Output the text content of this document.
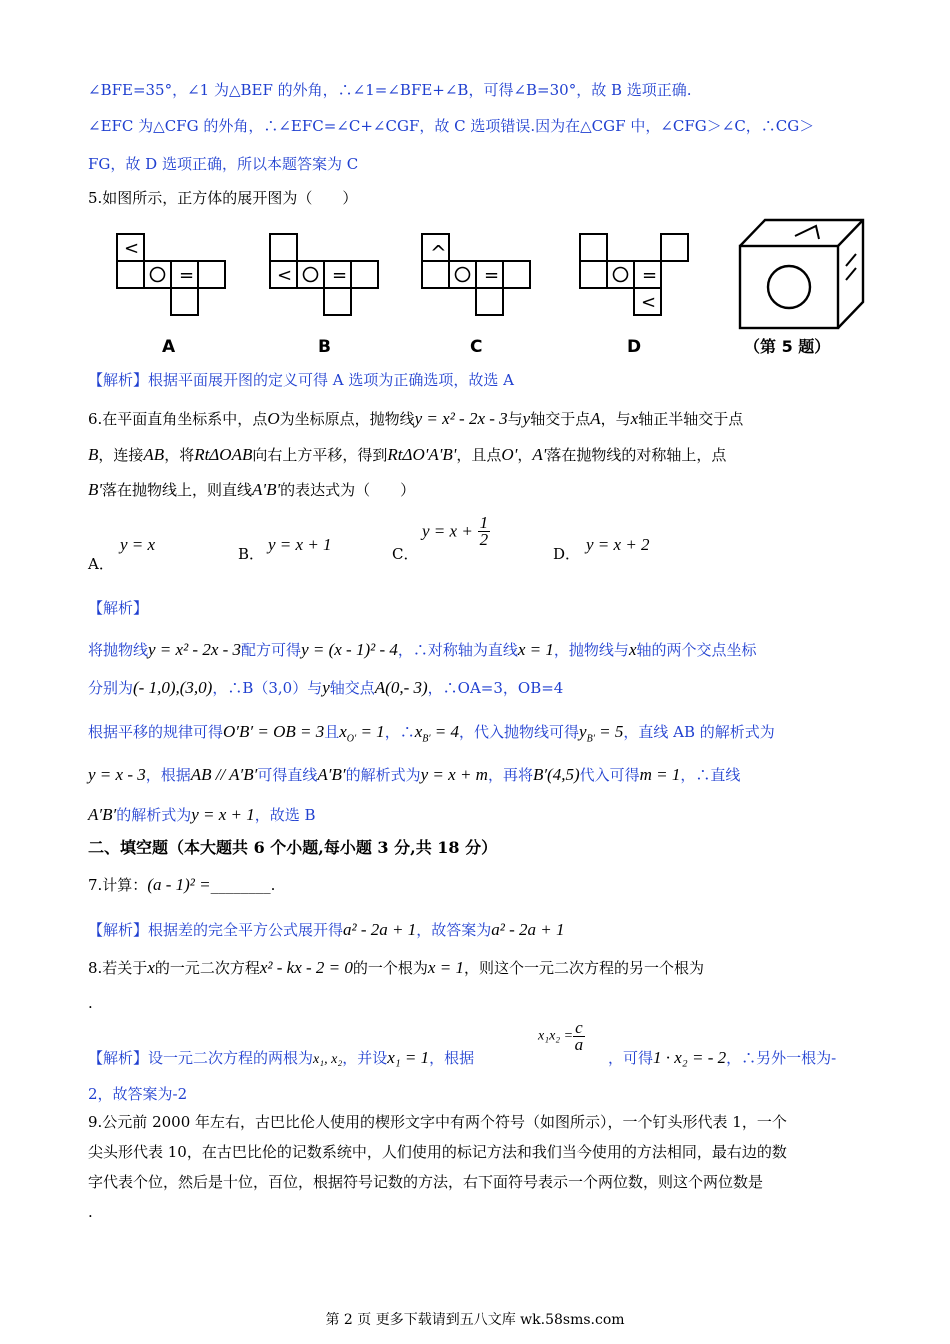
∠BFE=35°，∠1 为△BEF 的外角，∴∠1=∠BFE+∠B，可得∠B=30°，故 B 选项正确.
∠EFC 为△CFG 的外角，∴∠EFC=∠C+∠CGF，故 C 选项错误.因为在△CGF 中，∠CFG＞∠C，∴CG＞
FG，故 D 选项正确，所以本题答案为 C
5.如图所示，正方体的展开图为（　　）
<
=	< =
^
=	=
<
A	B	C	D	（第 5 题）
【解析】根据平面展开图的定义可得 A 选项为正确选项，故选 A
6.在平面直角坐标系中，点O为坐标原点，抛物线y = x² - 2x - 3与y轴交于点A，与x轴正半轴交于点
B，连接AB，将RtΔOAB向右上方平移，得到RtΔO'A'B'，且点O'，A'落在抛物线的对称轴上，点
B'落在抛物线上，则直线A'B'的表达式为（　　）
A．
y = x	B． y = x + 1	C．
$y = x + \frac{1}{2}$
D． y = x + 2
【解析】
将抛物线y = x² - 2x - 3配方可得y = (x - 1)² - 4，∴对称轴为直线x = 1，抛物线与x轴的两个交点坐标
分别为(- 1,0),(3,0)，∴B（3,0）与y轴交点A(0,- 3)，∴OA=3，OB=4
根据平移的规律可得O′B′ = OB = 3且$x_{O'} = 1$，$\therefore x_{B'} = 4$，代入抛物线可得$y_{B'} = 5$，直线 AB 的解析式为
y = x - 3，根据AB // A′B′可得直线A′B′的解析式为y = x + m，再将B′(4,5)代入可得m = 1，∴直线
A′B′的解析式为y = x + 1，故选 B
二、填空题（本大题共 6 个小题,每小题 3 分,共 18 分）
7.计算：(a - 1)² =________.
【解析】根据差的完全平方公式展开得a² - 2a + 1，故答案为a² - 2a + 1
8.若关于x的一元二次方程x² - kx - 2 = 0的一个根为x = 1，则这个一元二次方程的另一个根为
.
【解析】设一元二次方程的两根为x₁, x₂，并设x₁ = 1，根据
$x_1x_2 = \frac{c}{a}$
，可得1 · x₂ = - 2，∴另外一根为-
2，故答案为-2
9.公元前 2000 年左右，古巴比伦人使用的楔形文字中有两个符号（如图所示），一个钉头形代表 1，一个
尖头形代表 10，在古巴比伦的记数系统中，人们使用的标记方法和我们当今使用的方法相同，最右边的数
字代表个位，然后是十位，百位，根据符号记数的方法，右下面符号表示一个两位数，则这个两位数是
.
第 2 页 更多下载请到五八文库 wk.58sms.com
